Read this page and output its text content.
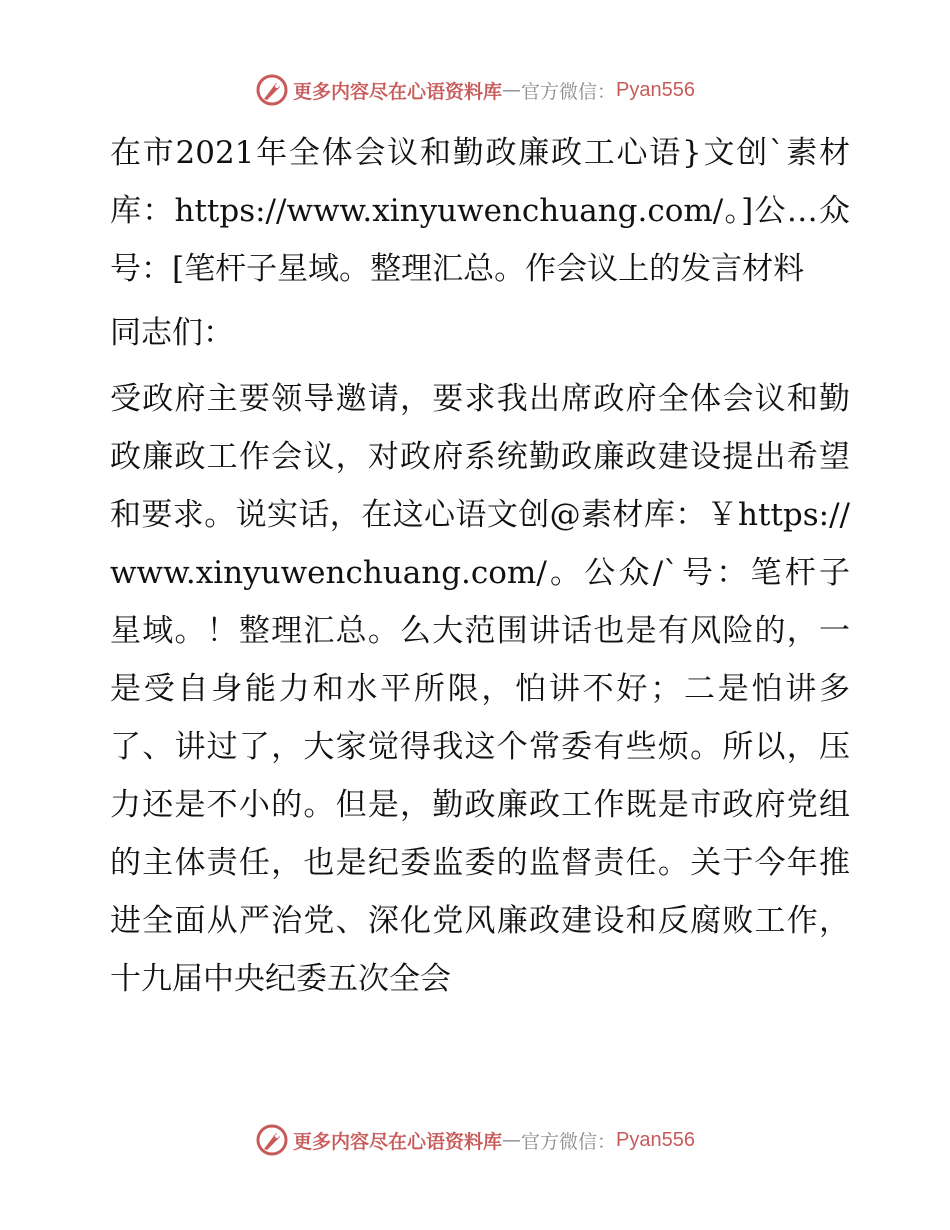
更多内容尽在心语资料库 — 官方微信： Pyan556

在市2021年全体会议和勤政廉政工心语}文创`素材库：https://www.xinyuwenchuang.com/。]公…众号：[笔杆子星域。整理汇总。作会议上的发言材料

同志们：

受政府主要领导邀请，要求我出席政府全体会议和勤政廉政工作会议，对政府系统勤政廉政建设提出希望和要求。说实话，在这心语文创@素材库：￥https://www.xinyuwenchuang.com/。公众/`号：笔杆子星域。！整理汇总。么大范围讲话也是有风险的，一是受自身能力和水平所限，怕讲不好；二是怕讲多了、讲过了，大家觉得我这个常委有些烦。所以，压力还是不小的。但是，勤政廉政工作既是市政府党组的主体责任，也是纪委监委的监督责任。关于今年推进全面从严治党、深化党风廉政建设和反腐败工作，十九届中央纪委五次全会

更多内容尽在心语资料库 — 官方微信： Pyan556
